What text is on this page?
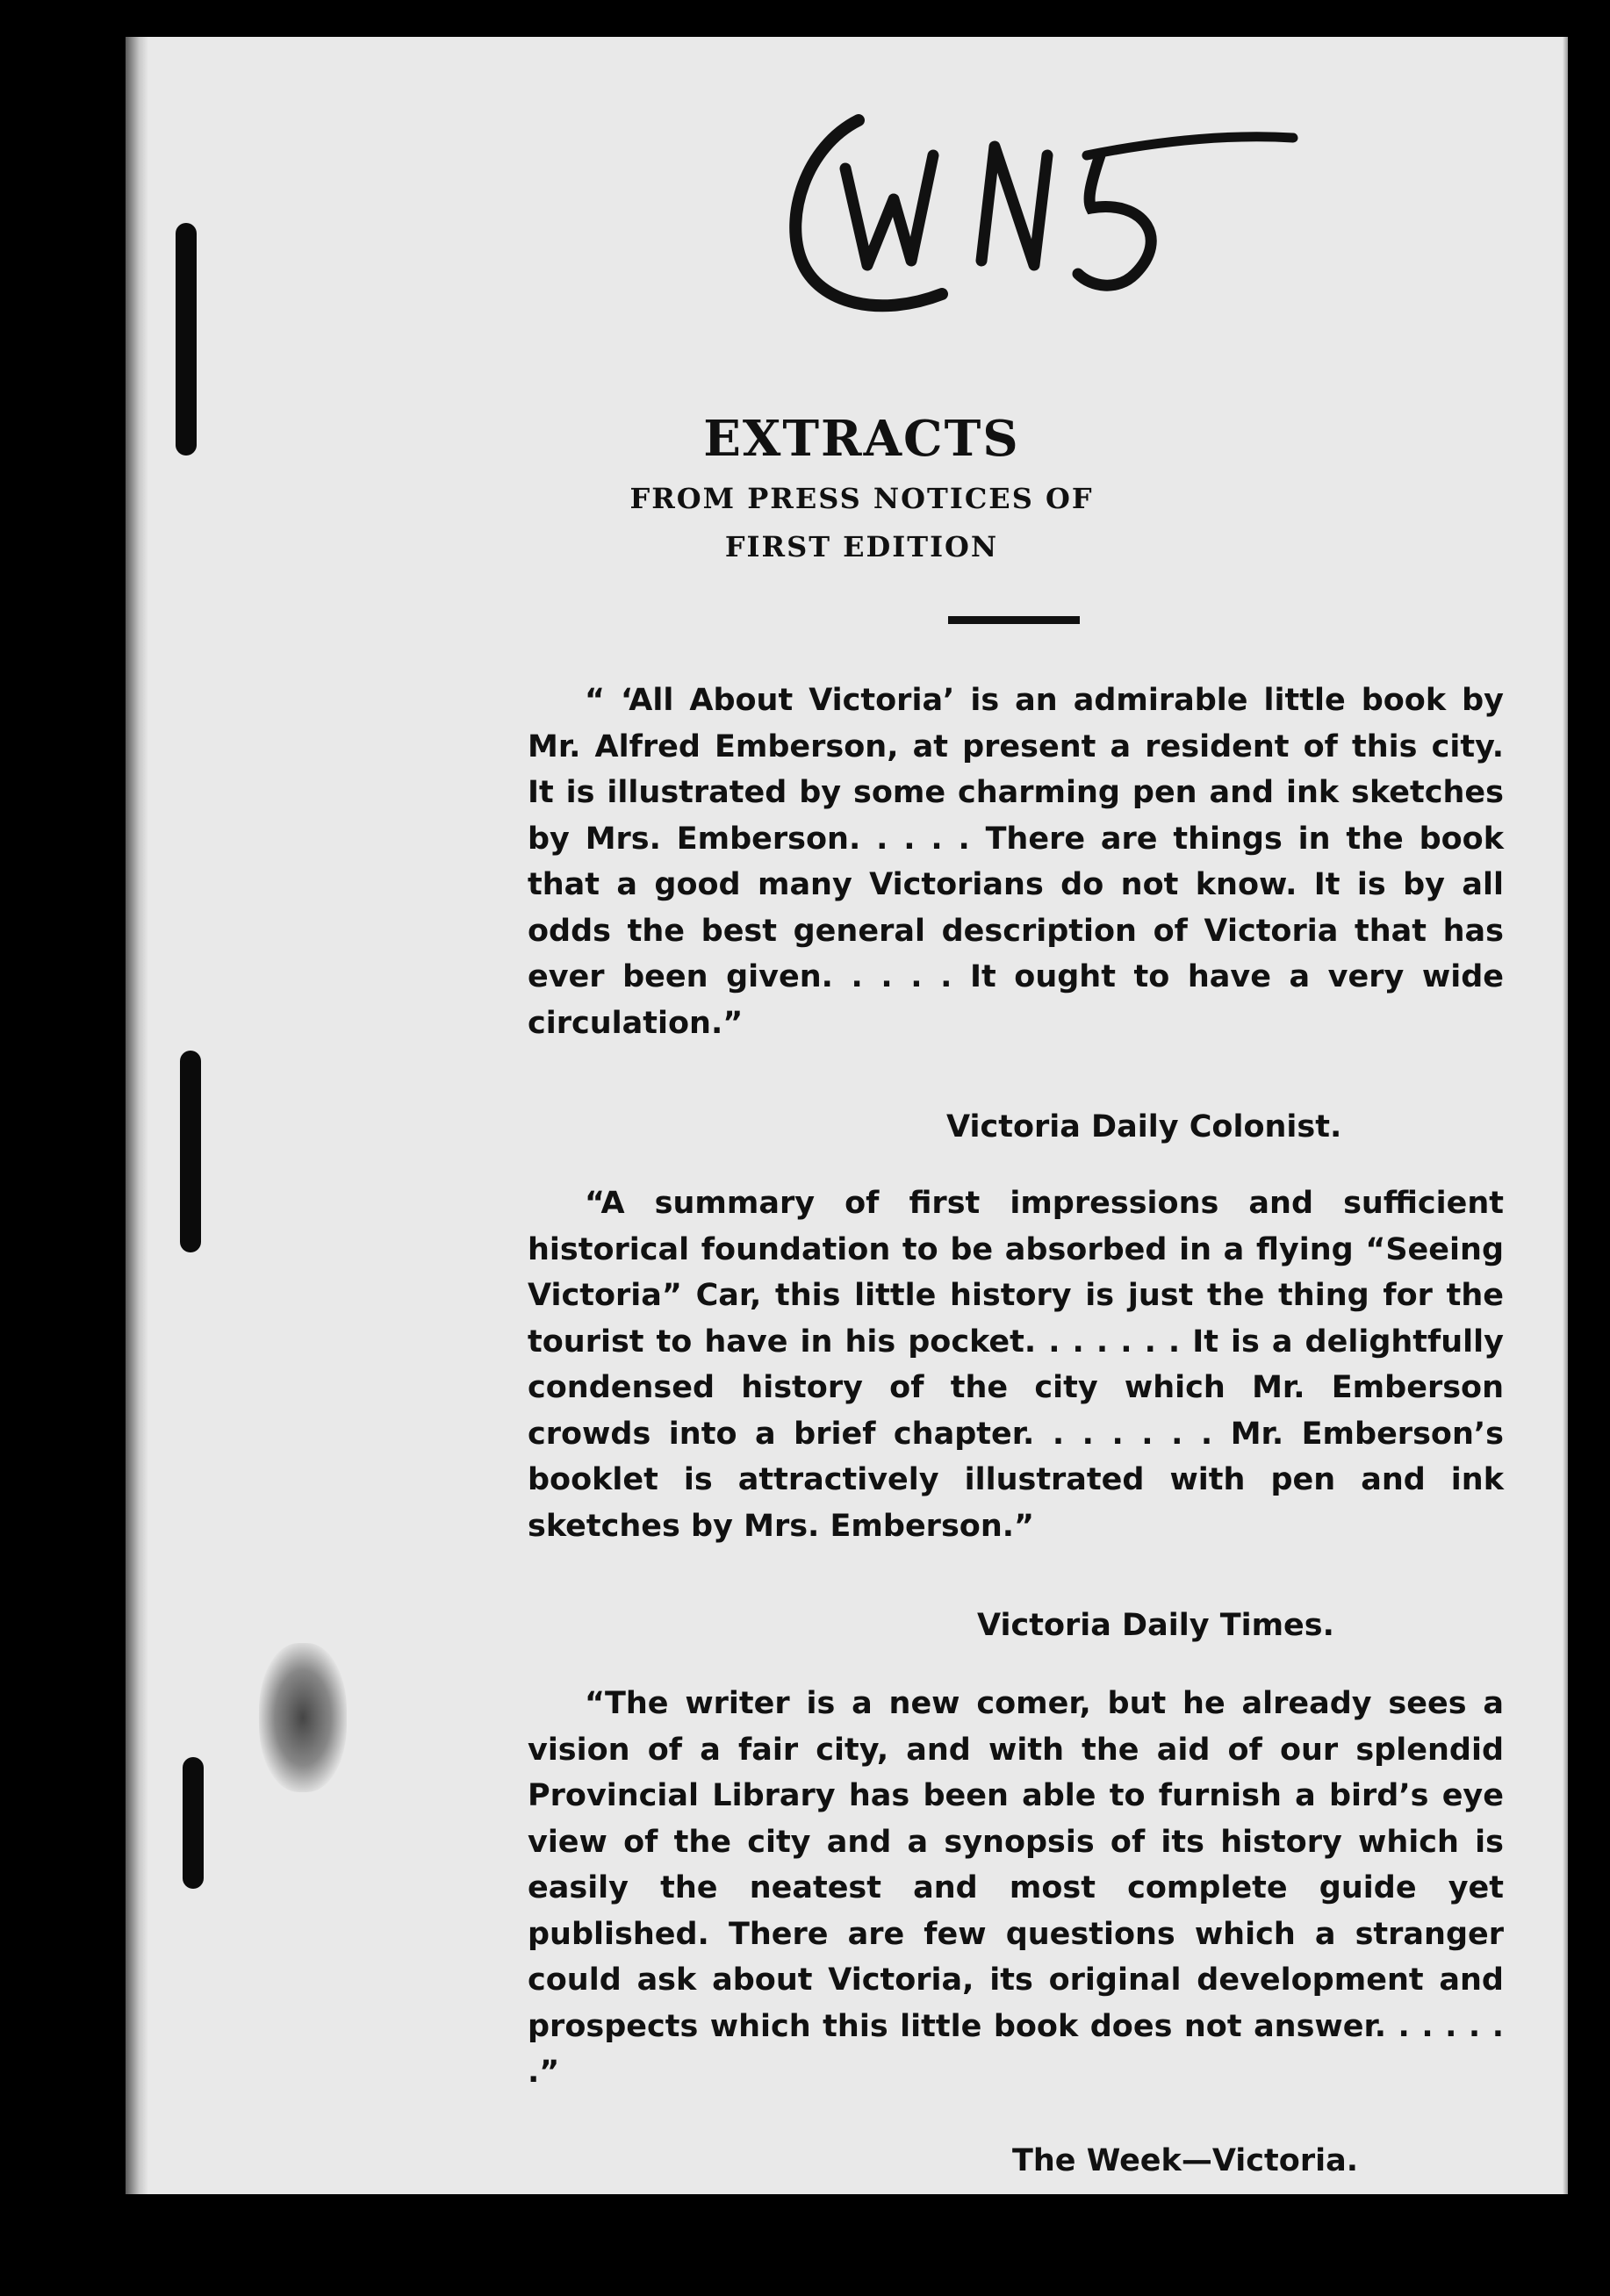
EXTRACTS
FROM PRESS NOTICES OF
FIRST EDITION

“ ‘All About Victoria’ is an admirable little book by Mr. Alfred Emberson, at present a resident of this city. It is illustrated by some charming pen and ink sketches by Mrs. Emberson. . . . . There are things in the book that a good many Victorians do not know. It is by all odds the best general description of Victoria that has ever been given. . . . . It ought to have a very wide circulation.”

Victoria Daily Colonist.

“A summary of first impressions and sufficient historical foundation to be absorbed in a flying “Seeing Victoria” Car, this little history is just the thing for the tourist to have in his pocket. . . . . . . It is a delightfully condensed history of the city which Mr. Emberson crowds into a brief chapter. . . . . . . Mr. Emberson’s booklet is attractively illustrated with pen and ink sketches by Mrs. Emberson.”

Victoria Daily Times.

“The writer is a new comer, but he already sees a vision of a fair city, and with the aid of our splendid Provincial Library has been able to furnish a bird’s eye view of the city and a synopsis of its history which is easily the neatest and most complete guide yet published. There are few questions which a stranger could ask about Victoria, its original development and prospects which this little book does not answer. . . . . . .”

The Week—Victoria.
